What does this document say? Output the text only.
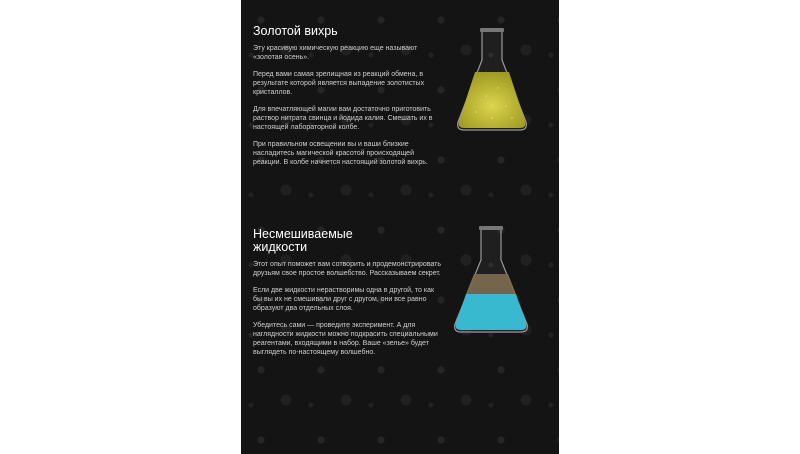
Золотой вихрь

Эту красивую химическую реакцию еще называют «золотая осень».

Перед вами самая зрелищная из реакций обмена, в результате которой является выпадение золотистых кристаллов.

Для впечатляющей магии вам достаточно приготовить раствор нитрата свинца и йодида калия. Смешать их в настоящей лабораторной колбе.

При правильном освещении вы и ваши близкие насладитесь магической красотой происходящей реакции. В колбе начнется настоящий золотой вихрь.

Несмешиваемые
жидкости

Этот опыт поможет вам сотворить и продемонстрировать друзьям свое простое волшебство. Рассказываем секрет.

Если две жидкости нерастворимы одна в другой, то как бы вы их не смешивали друг с другом, они все равно образуют два отдельных слоя.

Убедитесь сами — проведите эксперимент. А для наглядности жидкости можно подкрасить специальными реагентами, входящими в набор. Ваше «зелье» будет выглядеть по-настоящему волшебно.
